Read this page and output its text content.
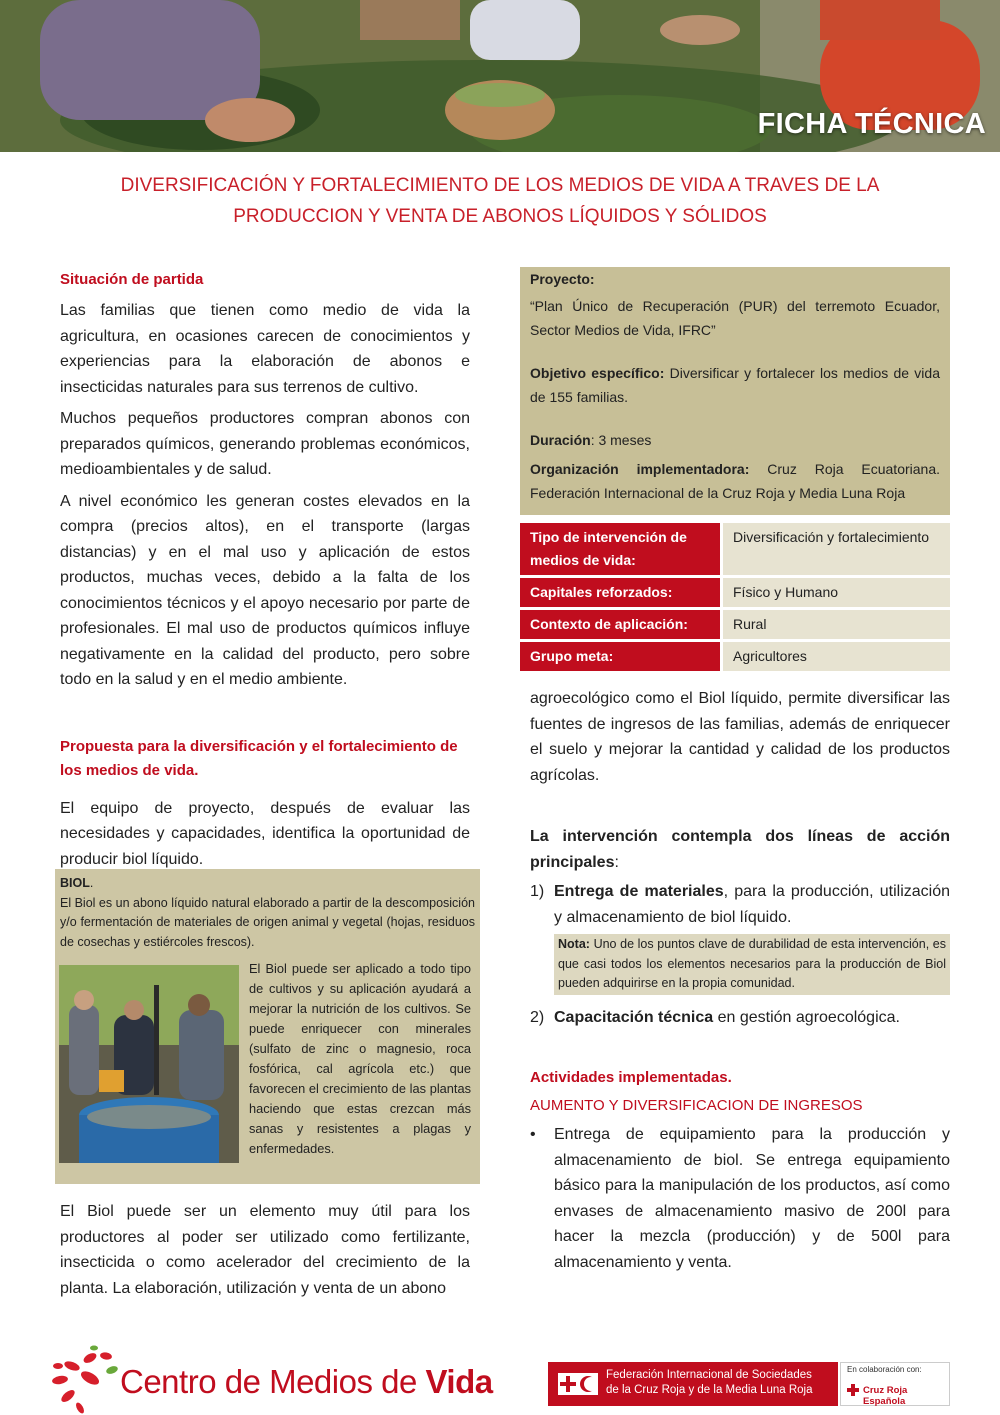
FICHA TÉCNICA
DIVERSIFICACIÓN Y FORTALECIMIENTO DE LOS MEDIOS DE VIDA A TRAVES DE LA PRODUCCION Y VENTA DE ABONOS LÍQUIDOS Y SÓLIDOS
Situación de partida
Las familias que tienen como medio de vida la agricultura, en ocasiones carecen de conocimientos y experiencias para la elaboración de abonos e insecticidas naturales para sus terrenos de cultivo.
Muchos pequeños productores compran abonos con preparados químicos, generando problemas económicos, medioambientales y de salud.
A nivel económico les generan costes elevados en la compra (precios altos), en el transporte (largas distancias) y en el mal uso y aplicación de estos productos, muchas veces, debido a la falta de los conocimientos técnicos y el apoyo necesario por parte de profesionales. El mal uso de productos químicos influye negativamente en la calidad del producto, pero sobre todo en la salud y en el medio ambiente.
Propuesta para la diversificación y el fortalecimiento de los medios de vida.
El equipo de proyecto, después de evaluar las necesidades y capacidades, identifica la oportunidad de producir biol líquido.
BIOL.
El Biol es un abono líquido natural elaborado a partir de la descomposición y/o fermentación de materiales de origen animal y vegetal (hojas, residuos de cosechas y estiércoles frescos).
El Biol puede ser aplicado a todo tipo de cultivos y su aplicación ayudará a mejorar la nutrición de los cultivos. Se puede enriquecer con minerales (sulfato de zinc o magnesio, roca fosfórica, cal agrícola etc.) que favorecen el crecimiento de las plantas haciendo que estas crezcan más sanas y resistentes a plagas y enfermedades.
El Biol puede ser un elemento muy útil para los productores al poder ser utilizado como fertilizante, insecticida o como acelerador del crecimiento de la planta. La elaboración, utilización y venta de un abono
Proyecto:
“Plan Único de Recuperación (PUR) del terremoto Ecuador, Sector Medios de Vida, IFRC”
Objetivo específico: Diversificar y fortalecer los medios de vida de 155 familias.
Duración: 3 meses
Organización implementadora: Cruz Roja Ecuatoriana. Federación Internacional de la Cruz Roja y Media Luna Roja
Tipo de intervención de medios de vida:	Diversificación y fortalecimiento
Capitales reforzados:	Físico y Humano
Contexto de aplicación:	Rural
Grupo meta:	Agricultores
agroecológico como el Biol líquido, permite diversificar las fuentes de ingresos de las familias, además de enriquecer el suelo y mejorar la cantidad y calidad de los productos agrícolas.
La intervención contempla dos líneas de acción principales:
1) Entrega de materiales, para la producción, utilización y almacenamiento de biol líquido.
Nota: Uno de los puntos clave de durabilidad de esta intervención, es que casi todos los elementos necesarios para la producción de Biol pueden adquirirse en la propia comunidad.
2) Capacitación técnica en gestión agroecológica.
Actividades implementadas.
AUMENTO Y DIVERSIFICACION DE INGRESOS
•	Entrega de equipamiento para la producción y almacenamiento de biol. Se entrega equipamiento básico para la manipulación de los productos, así como envases de almacenamiento masivo de 200l para hacer la mezcla (producción) y de 500l para almacenamiento y venta.
Centro de Medios de Vida	Federación Internacional de Sociedades
de la Cruz Roja y de la Media Luna Roja
En colaboración con:
Cruz Roja Española
